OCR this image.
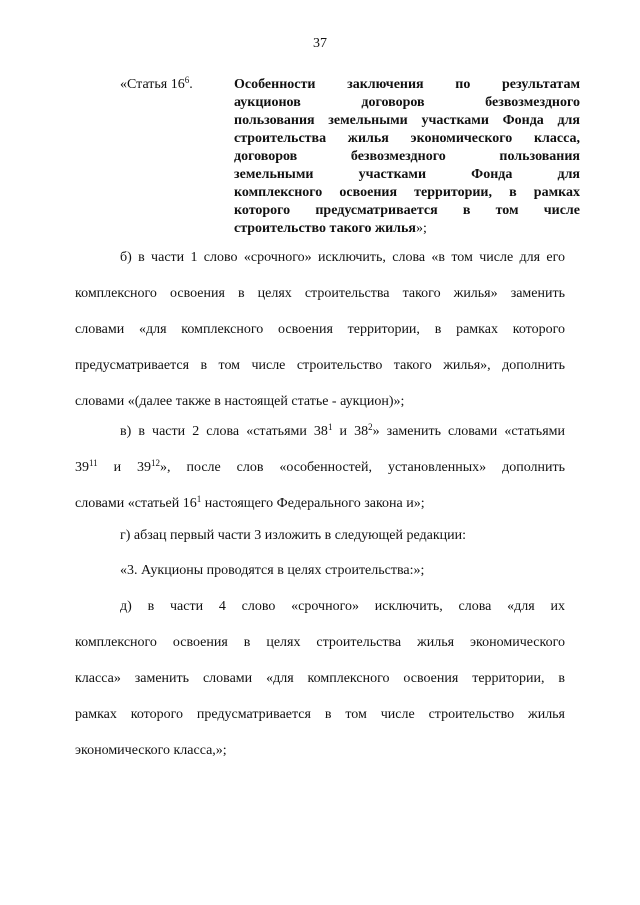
37
«Статья $16^6$.	Особенности заключения по результатам
аукционов договоров безвозмездного
пользования земельными участками Фонда для
строительства жилья экономического класса,
договоров безвозмездного пользования
земельными участками Фонда для
комплексного освоения территории, в рамках
которого предусматривается в том числе
строительство такого жилья»;
б) в части 1 слово «срочного» исключить, слова «в том числе для его
комплексного освоения в целях строительства такого жилья» заменить
словами «для комплексного освоения территории, в рамках которого
предусматривается в том числе строительство такого жилья», дополнить
словами «(далее также в настоящей статье - аукцион)»;
в) в части 2 слова «статьями $38^1$ и $38^2$» заменить словами «статьями
$39^{11}$ и $39^{12}$», после слов «особенностей, установленных» дополнить
словами «статьей $16^1$ настоящего Федерального закона и»;
г) абзац первый части 3 изложить в следующей редакции:
«3. Аукционы проводятся в целях строительства:»;
д) в части 4 слово «срочного» исключить, слова «для их
комплексного освоения в целях строительства жилья экономического
класса» заменить словами «для комплексного освоения территории, в
рамках которого предусматривается в том числе строительство жилья
экономического класса,»;
